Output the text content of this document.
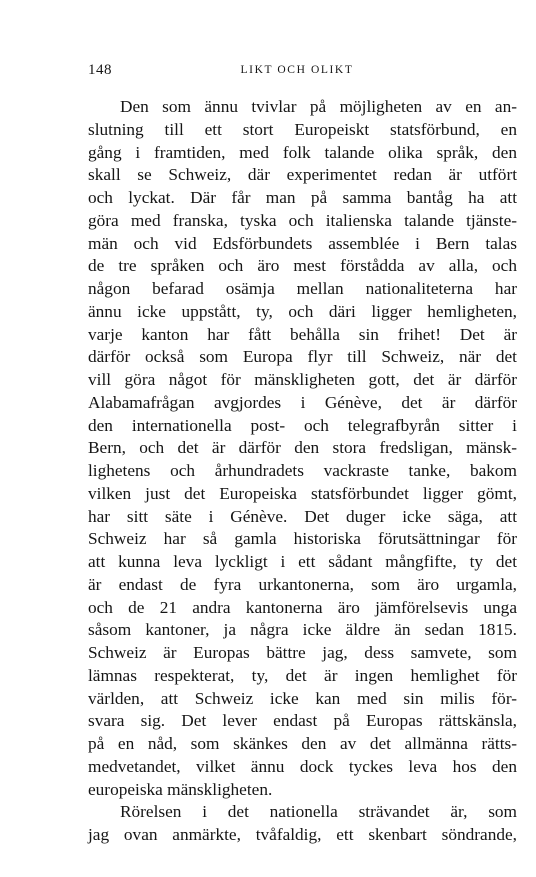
148	LIKT OCH OLIKT
Den som ännu tvivlar på möjligheten av en an-
slutning till ett stort Europeiskt statsförbund, en
gång i framtiden, med folk talande olika språk, den
skall se Schweiz, där experimentet redan är utfört
och lyckat. Där får man på samma bantåg ha att
göra med franska, tyska och italienska talande tjänste-
män och vid Edsförbundets assemblée i Bern talas
de tre språken och äro mest förstådda av alla, och
någon befarad osämja mellan nationaliteterna har
ännu icke uppstått, ty, och däri ligger hemligheten,
varje kanton har fått behålla sin frihet! Det är
därför också som Europa flyr till Schweiz, när det
vill göra något för mänskligheten gott, det är därför
Alabamafrågan avgjordes i Génève, det är därför
den internationella post- och telegrafbyrån sitter i
Bern, och det är därför den stora fredsligan, mänsk-
lighetens och århundradets vackraste tanke, bakom
vilken just det Europeiska statsförbundet ligger gömt,
har sitt säte i Génève. Det duger icke säga, att
Schweiz har så gamla historiska förutsättningar för
att kunna leva lyckligt i ett sådant mångfifte, ty det
är endast de fyra urkantonerna, som äro urgamla,
och de 21 andra kantonerna äro jämförelsevis unga
såsom kantoner, ja några icke äldre än sedan 1815.
Schweiz är Europas bättre jag, dess samvete, som
lämnas respekterat, ty, det är ingen hemlighet för
världen, att Schweiz icke kan med sin milis för-
svara sig. Det lever endast på Europas rättskänsla,
på en nåd, som skänkes den av det allmänna rätts-
medvetandet, vilket ännu dock tyckes leva hos den
europeiska mänskligheten.
Rörelsen i det nationella strävandet är, som
jag ovan anmärkte, tvåfaldig, ett skenbart söndrande,
